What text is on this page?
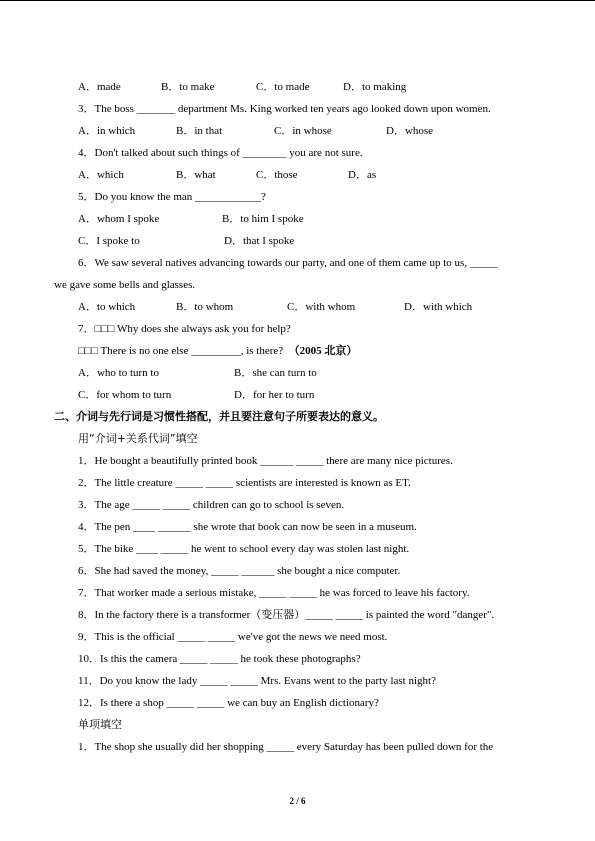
A．made	B．to make	C．to made	D．to making
3．The boss _______ department Ms. King worked ten years ago looked down upon women.
A．in which	B．in that	C．in whose	D．whose
4．Don't talked about such things of ________ you are not sure.
A．which	B．what	C．those	D．as
5．Do you know the man ____________?
A．whom I spoke	B．to him I spoke
C．I spoke to	D．that I spoke
6．We saw several natives advancing towards our party, and one of them came up to us, _____
we gave some bells and glasses.
A．to which	B．to whom	C．with whom	D．with which
7．□□□ Why does she always ask you for help?
□□□ There is no one else _________, is there? （2005 北京）
A．who to turn to	B．she can turn to
C．for whom to turn	D．for her to turn
二、介词与先行词是习惯性搭配，并且要注意句子所要表达的意义。
用“介词+关系代词”填空
1．He bought a beautifully printed book ______ _____ there are many nice pictures.
2．The little creature _____ _____ scientists are interested is known as ET.
3．The age _____ _____ children can go to school is seven.
4．The pen ____ ______ she wrote that book can now be seen in a museum.
5．The bike ____ _____ he went to school every day was stolen last night.
6．She had saved the money, _____ ______ she bought a nice computer.
7．That worker made a serious mistake, _____ _____ he was forced to leave his factory.
8．In the factory there is a transformer（变压器）_____ _____ is painted the word "danger".
9．This is the official _____ _____ we've got the news we need most.
10．Is this the camera _____ _____ he took these photographs?
11．Do you know the lady _____ _____ Mrs. Evans went to the party last night?
12．Is there a shop _____ _____ we can buy an English dictionary?
单项填空
1．The shop she usually did her shopping _____ every Saturday has been pulled down for the
2 / 6
